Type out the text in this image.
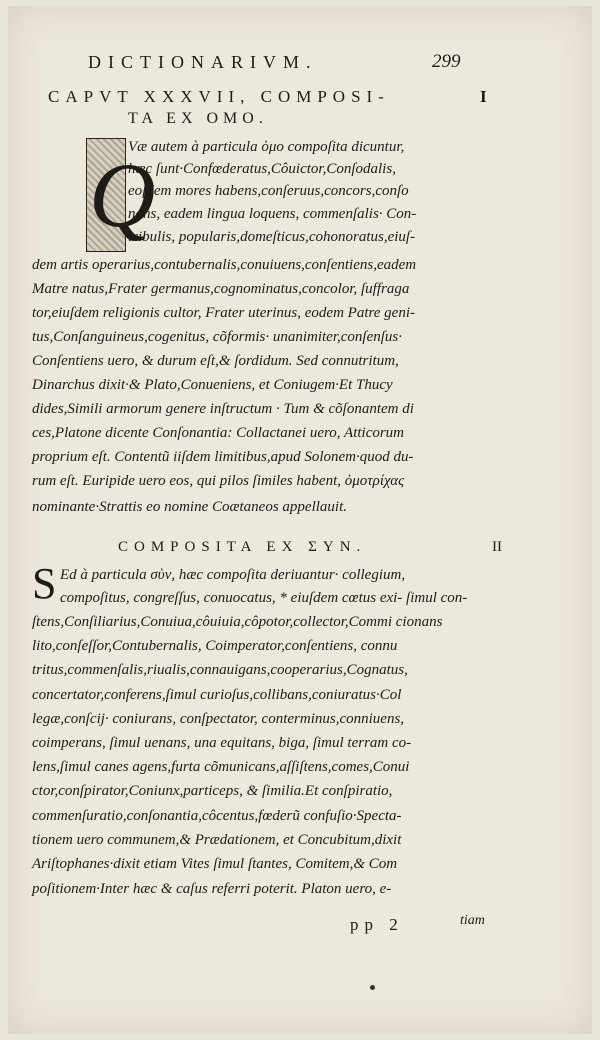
DICTIONARIVM.	299
CAPVT XXXVII, COMPOSI-	I
TA EX OMO.
Q
Væ autem à particula ὁμο compoſita dicuntur,
hæc ſunt·Confœderatus,Côuictor,Conſodalis,
eoſdem mores habens,conſeruus,concors,conſo
nans, eadem lingua loquens, commenſalis· Con-
tribulis, popularis,domeſticus,cohonoratus,eiuſ-
dem artis operarius,contubernalis,conuiuens,conſentiens,eadem
Matre natus,Frater germanus,cognominatus,concolor, ſuffraga
tor,eiuſdem religionis cultor, Frater uterinus, eodem Patre geni-
tus,Conſanguineus,cogenitus, cõformis· unanimiter,conſenſus·
Conſentiens uero, & durum eſt,& ſordidum. Sed connutritum,
Dinarchus dixit·& Plato,Conueniens, et Coniugem·Et Thucy
dides,Simili armorum genere inſtructum · Tum & cõſonantem di
ces,Platone dicente Conſonantia: Collactanei uero, Atticorum
proprium eſt. Contentũ iiſdem limitibus,apud Solonem·quod du-
rum eſt. Euripide uero eos, qui pilos ſimiles habent, ὁμοτρίχας
nominante·Strattis eo nomine Coætaneos appellauit.
Ed à particula σὺν, hæc compoſita deriuantur· collegium,
compoſitus, congreſſus, conuocatus, * eiuſdem cœtus exi- ſimul con-
ſtens,Conſiliarius,Conuiua,côuiuia,côpotor,collector,Commi cionans
lito,conſeſſor,Contubernalis, Coimperator,conſentiens, connu
tritus,commenſalis,riualis,connauigans,cooperarius,Cognatus,
concertator,conferens,ſimul curioſus,collibans,coniuratus·Col
legæ,conſcij· coniurans, conſpectator, conterminus,conniuens,
coimperans, ſimul uenans, una equitans, biga, ſimul terram co-
lens,ſimul canes agens,furta cõmunicans,aſſiſtens,comes,Conui
ctor,conſpirator,Coniunx,particeps, & ſimilia.Et conſpiratio,
commenſuratio,conſonantia,côcentus,fœderũ confuſio·Specta-
tionem uero communem,& Prædationem, et Concubitum,dixit
Ariſtophanes·dixit etiam Vites ſimul ſtantes, Comitem,& Com
poſitionem·Inter hæc & caſus referri poterit. Platon uero, e-
S
COMPOSITA EX ΣYN.	II
pp 2	tiam
